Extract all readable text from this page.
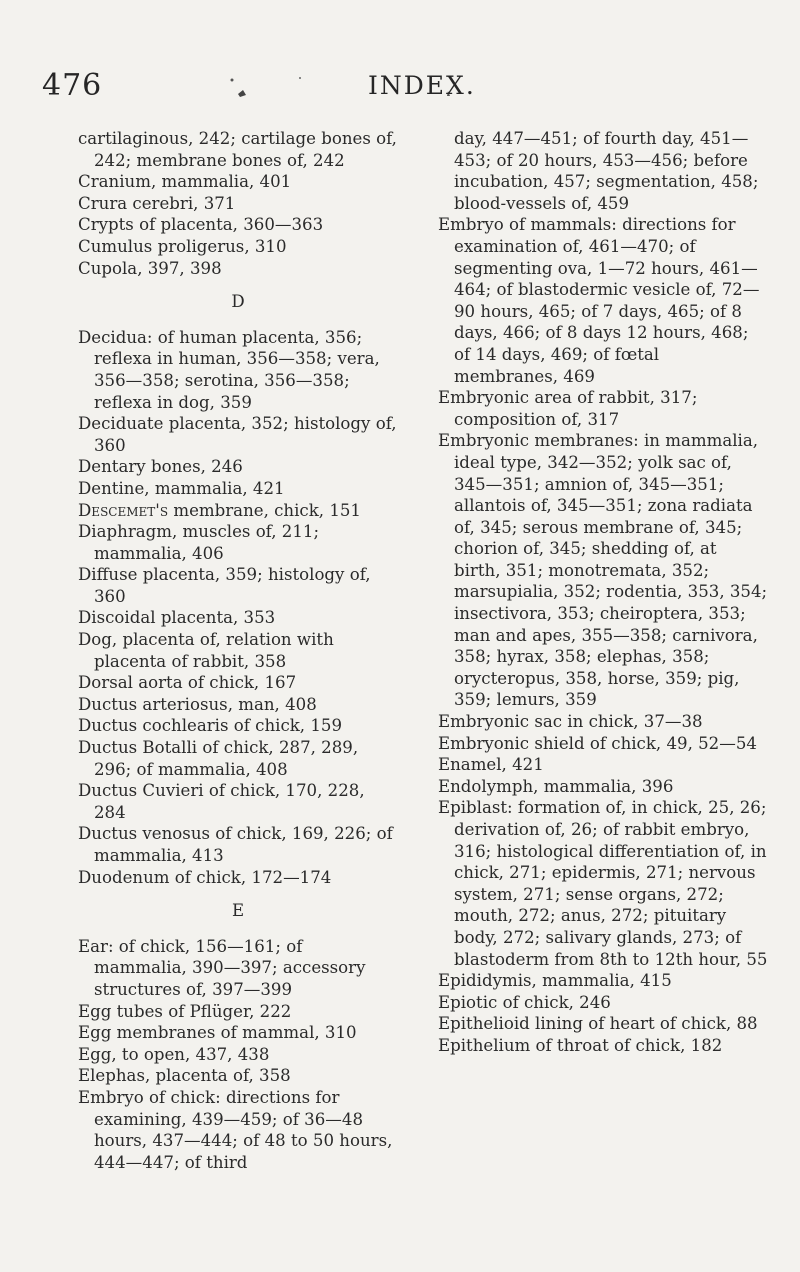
476	INDEX.

cartilaginous, 242; cartilage bones of, 242; membrane bones of, 242

Cranium, mammalia, 401

Crura cerebri, 371

Crypts of placenta, 360—363

Cumulus proligerus, 310

Cupola, 397, 398

D

Decidua: of human placenta, 356; reflexa in human, 356—358; vera, 356—358; serotina, 356—358; reflexa in dog, 359

Deciduate placenta, 352; histology of, 360

Dentary bones, 246

Dentine, mammalia, 421

Descemet's membrane, chick, 151

Diaphragm, muscles of, 211; mammalia, 406

Diffuse placenta, 359; histology of, 360

Discoidal placenta, 353

Dog, placenta of, relation with placenta of rabbit, 358

Dorsal aorta of chick, 167

Ductus arteriosus, man, 408

Ductus cochlearis of chick, 159

Ductus Botalli of chick, 287, 289, 296; of mammalia, 408

Ductus Cuvieri of chick, 170, 228, 284

Ductus venosus of chick, 169, 226; of mammalia, 413

Duodenum of chick, 172—174

E

Ear: of chick, 156—161; of mammalia, 390—397; accessory structures of, 397—399

Egg tubes of Pflüger, 222

Egg membranes of mammal, 310

Egg, to open, 437, 438

Elephas, placenta of, 358

Embryo of chick: directions for examining, 439—459; of 36—48 hours, 437—444; of 48 to 50 hours, 444—447; of third

day, 447—451; of fourth day, 451—453; of 20 hours, 453—456; before incubation, 457; segmentation, 458; blood-vessels of, 459

Embryo of mammals: directions for examination of, 461—470; of segmenting ova, 1—72 hours, 461—464; of blastodermic vesicle of, 72—90 hours, 465; of 7 days, 465; of 8 days, 466; of 8 days 12 hours, 468; of 14 days, 469; of fœtal membranes, 469

Embryonic area of rabbit, 317; composition of, 317

Embryonic membranes: in mammalia, ideal type, 342—352; yolk sac of, 345—351; amnion of, 345—351; allantois of, 345—351; zona radiata of, 345; serous membrane of, 345; chorion of, 345; shedding of, at birth, 351; monotremata, 352; marsupialia, 352; rodentia, 353, 354; insectivora, 353; cheiroptera, 353; man and apes, 355—358; carnivora, 358; hyrax, 358; elephas, 358; orycteropus, 358, horse, 359; pig, 359; lemurs, 359

Embryonic sac in chick, 37—38

Embryonic shield of chick, 49, 52—54

Enamel, 421

Endolymph, mammalia, 396

Epiblast: formation of, in chick, 25, 26; derivation of, 26; of rabbit embryo, 316; histological differentiation of, in chick, 271; epidermis, 271; nervous system, 271; sense organs, 272; mouth, 272; anus, 272; pituitary body, 272; salivary glands, 273; of blastoderm from 8th to 12th hour, 55

Epididymis, mammalia, 415

Epiotic of chick, 246

Epithelioid lining of heart of chick, 88

Epithelium of throat of chick, 182
